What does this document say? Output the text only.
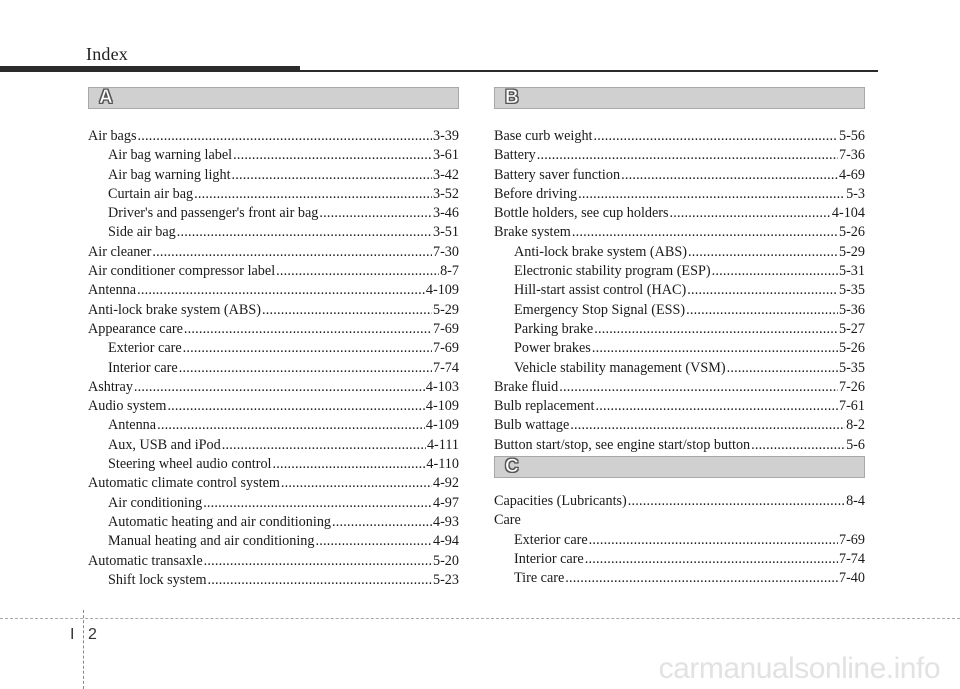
Index
A	B
Air bags .....	3-39
Air bag warning label .....	3-61
Air bag warning light .....	3-42
Curtain air bag .....	3-52
Driver's and passenger's front air bag .....	3-46
Side air bag .....	3-51
Air cleaner .....	7-30
Air conditioner compressor label .....	8-7
Antenna .....	4-109
Anti-lock brake system (ABS) .....	5-29
Appearance care .....	7-69
Exterior care .....	7-69
Interior care .....	7-74
Ashtray .....	4-103
Audio system .....	4-109
Antenna .....	4-109
Aux, USB and iPod .....	4-111
Steering wheel audio control .....	4-110
Automatic climate control system .....	4-92
Air conditioning .....	4-97
Automatic heating and air conditioning .....	4-93
Manual heating and air conditioning .....	4-94
Automatic transaxle .....	5-20
Shift lock system .....	5-23
Base curb weight .....	5-56
Battery .....	7-36
Battery saver function .....	4-69
Before driving .....	5-3
Bottle holders, see cup holders .....	4-104
Brake system .....	5-26
Anti-lock brake system (ABS) .....	5-29
Electronic stability program (ESP) .....	5-31
Hill-start assist control (HAC) .....	5-35
Emergency Stop Signal (ESS) .....	5-36
Parking brake .....	5-27
Power brakes .....	5-26
Vehicle stability management (VSM) .....	5-35
Brake fluid .....	7-26
Bulb replacement .....	7-61
Bulb wattage .....	8-2
Button start/stop, see engine start/stop button .....	5-6
C
Capacities (Lubricants) .....	8-4
Care
Exterior care .....	7-69
Interior care .....	7-74
Tire care .....	7-40
I 2
carmanualsonline.info
